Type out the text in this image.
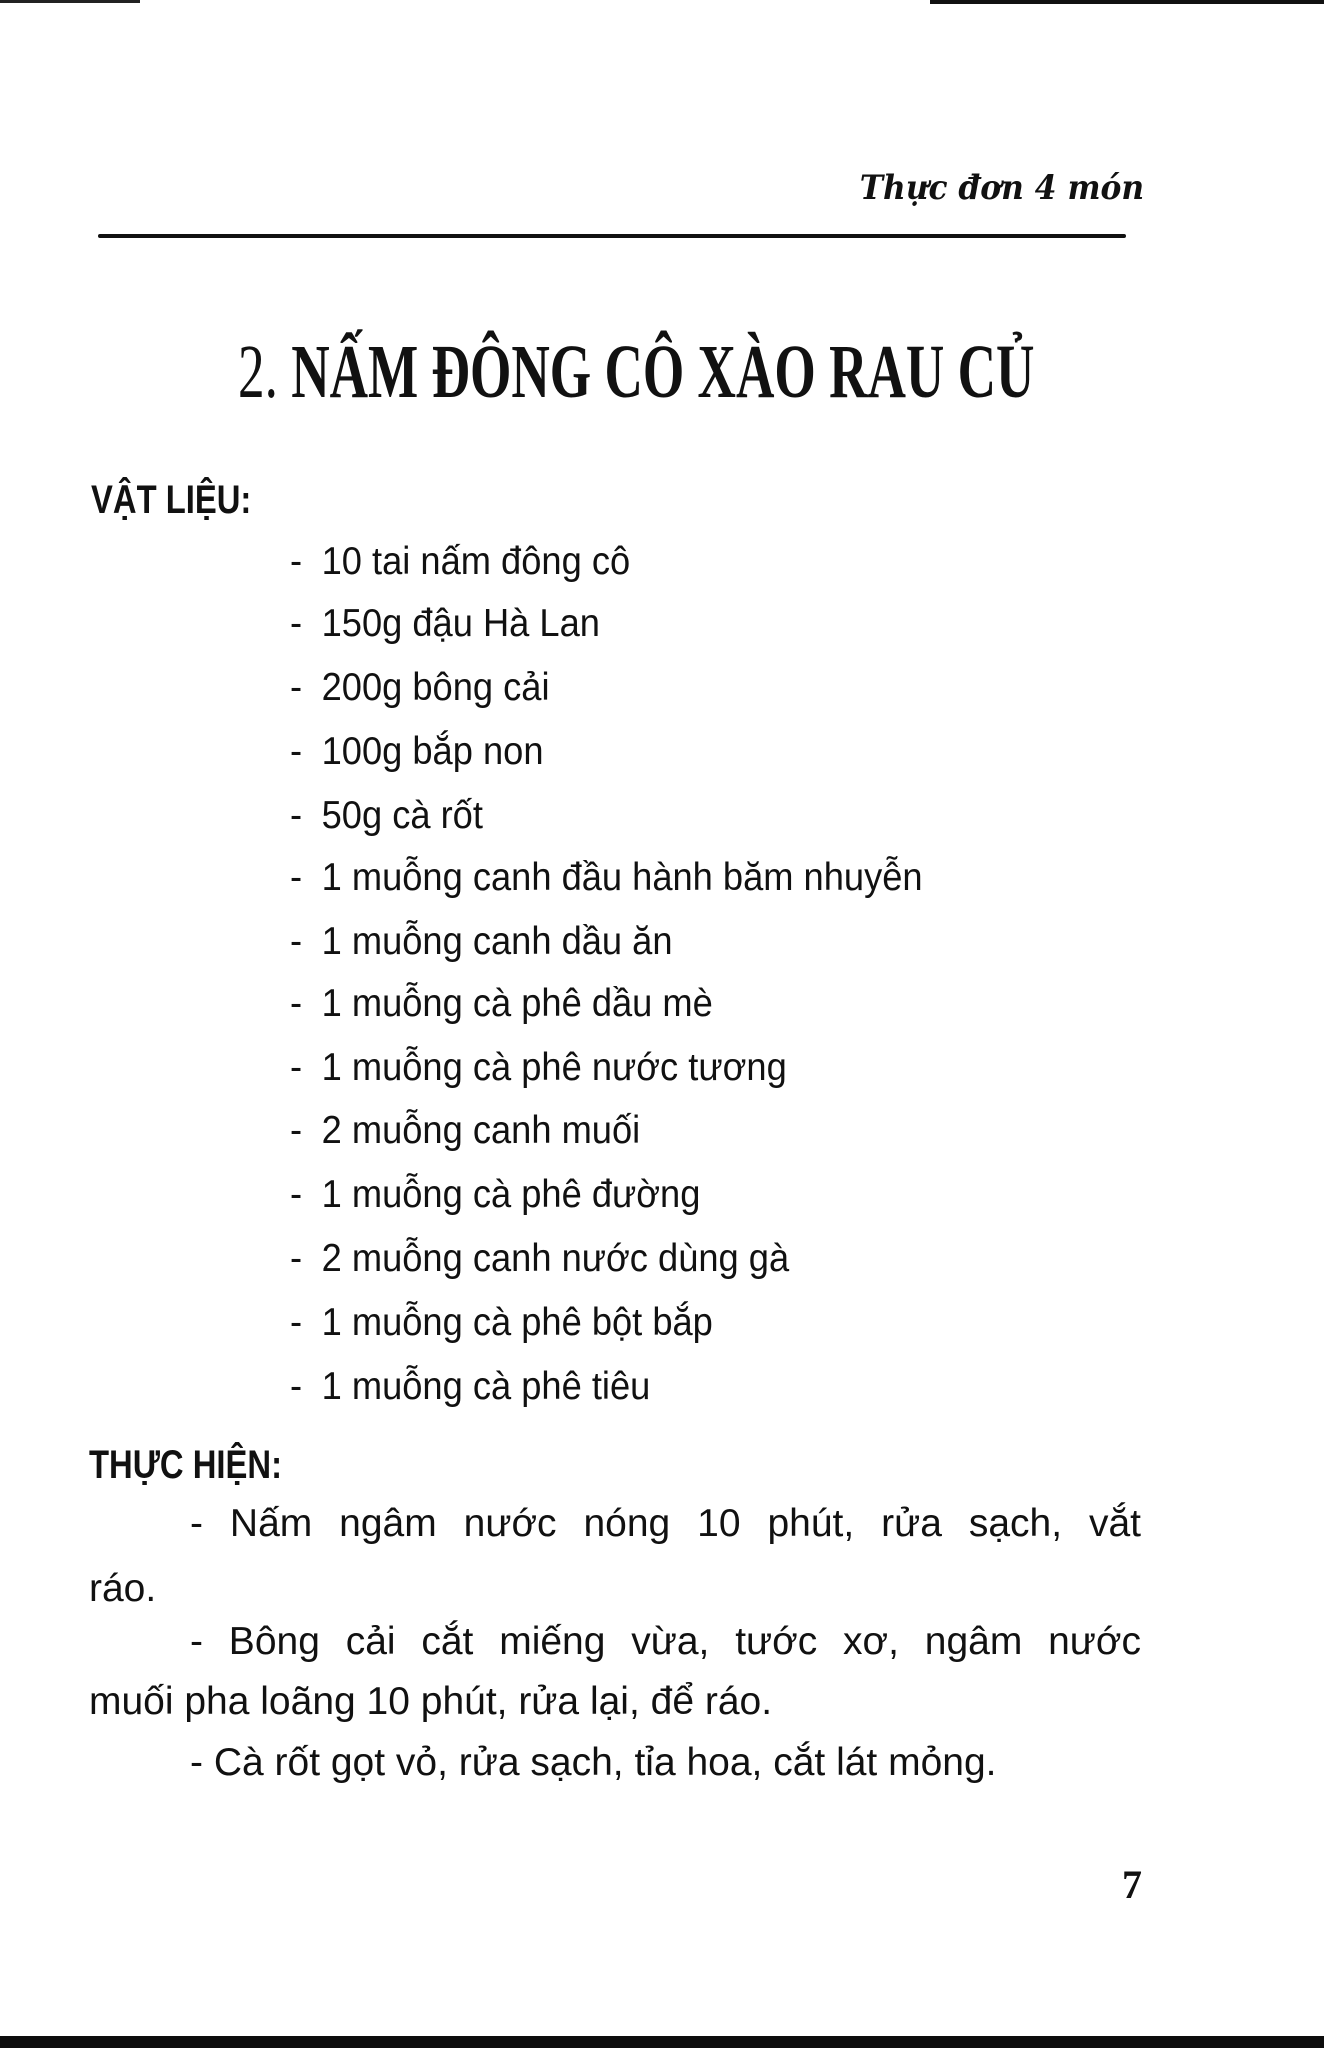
Thực đơn 4 món
2. NẤM ĐÔNG CÔ XÀO RAU CỦ
VẬT LIỆU:
- 10 tai nấm đông cô
- 150g đậu Hà Lan
- 200g bông cải
- 100g bắp non
- 50g cà rốt
- 1 muỗng canh đầu hành băm nhuyễn
- 1 muỗng canh dầu ăn
- 1 muỗng cà phê dầu mè
- 1 muỗng cà phê nước tương
- 2 muỗng canh muối
- 1 muỗng cà phê đường
- 2 muỗng canh nước dùng gà
- 1 muỗng cà phê bột bắp
- 1 muỗng cà phê tiêu
THỰC HIỆN:
- Nấm ngâm nước nóng 10 phút, rửa sạch, vắt
ráo.
- Bông cải cắt miếng vừa, tước xơ, ngâm nước
muối pha loãng 10 phút, rửa lại, để ráo.
- Cà rốt gọt vỏ, rửa sạch, tỉa hoa, cắt lát mỏng.
7
